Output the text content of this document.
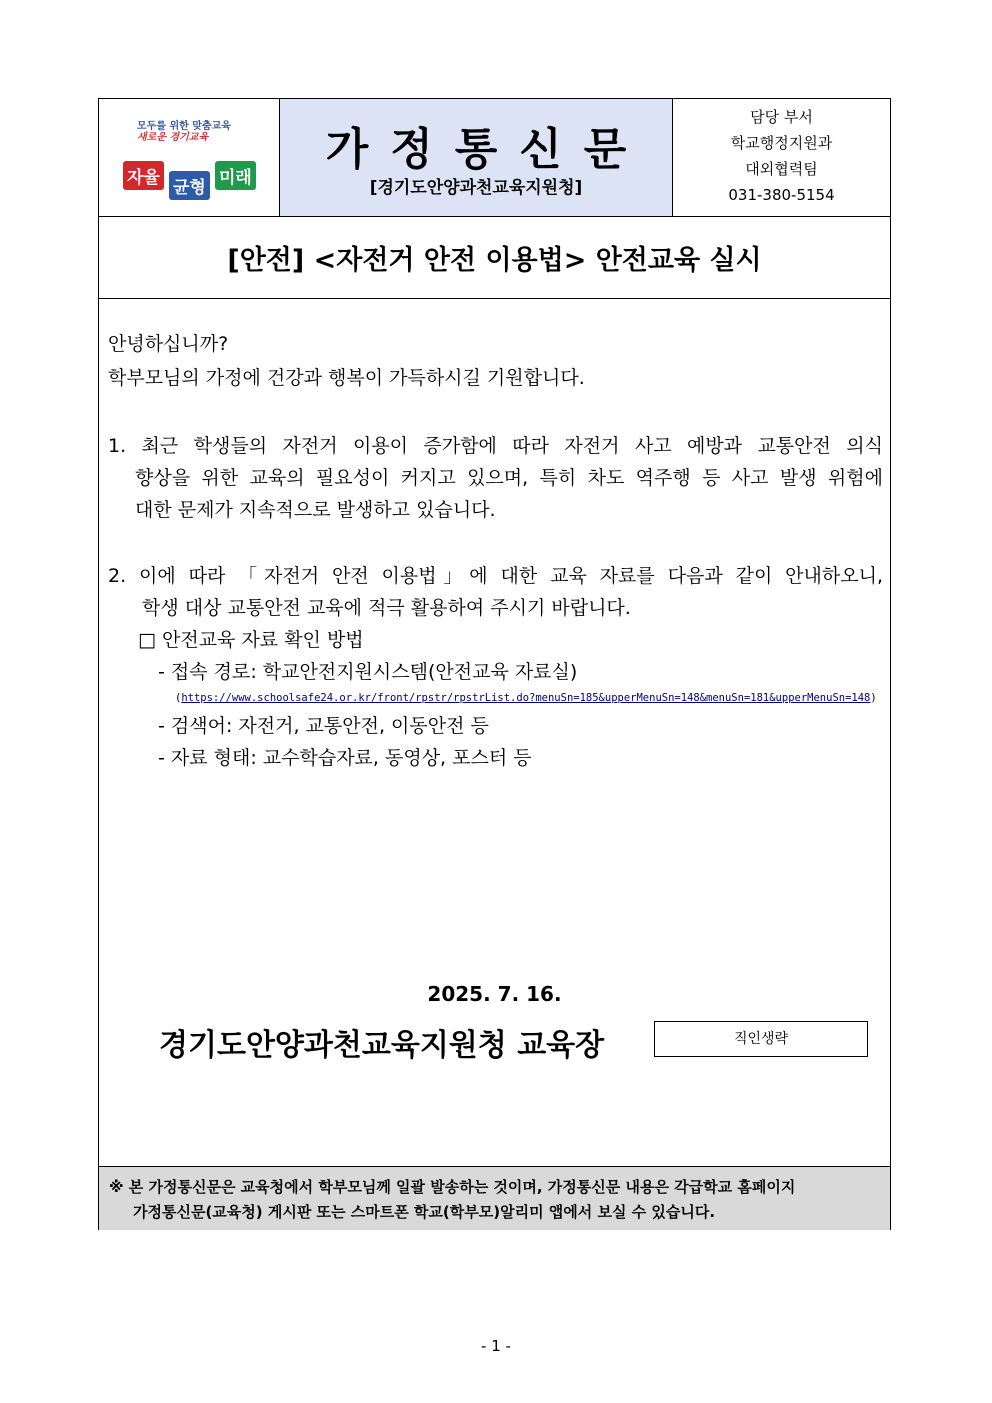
모두를 위한 맞춤교육
새로운 경기교육
자율 균형 미래
가정통신문
[경기도안양과천교육지원청]
담당 부서
학교행정지원과
대외협력팀
031-380-5154
[안전] <자전거 안전 이용법> 안전교육 실시
안녕하십니까?
학부모님의 가정에 건강과 행복이 가득하시길 기원합니다.
1. 최근 학생들의 자전거 이용이 증가함에 따라 자전거 사고 예방과 교통안전 의식
향상을 위한 교육의 필요성이 커지고 있으며, 특히 차도 역주행 등 사고 발생 위험에
대한 문제가 지속적으로 발생하고 있습니다.
2. 이에 따라 「자전거 안전 이용법」에 대한 교육 자료를 다음과 같이 안내하오니,
학생 대상 교통안전 교육에 적극 활용하여 주시기 바랍니다.
□ 안전교육 자료 확인 방법
- 접속 경로: 학교안전지원시스템(안전교육 자료실)
(https://www.schoolsafe24.or.kr/front/rpstr/rpstrList.do?menuSn=185&upperMenuSn=148&menuSn=181&upperMenuSn=148)
- 검색어: 자전거, 교통안전, 이동안전 등
- 자료 형태: 교수학습자료, 동영상, 포스터 등
2025. 7. 16.
경기도안양과천교육지원청 교육장	직인생략
※ 본 가정통신문은 교육청에서 학부모님께 일괄 발송하는 것이며, 가정통신문 내용은 각급학교 홈페이지
가정통신문(교육청) 게시판 또는 스마트폰 학교(학부모)알리미 앱에서 보실 수 있습니다.
- 1 -
